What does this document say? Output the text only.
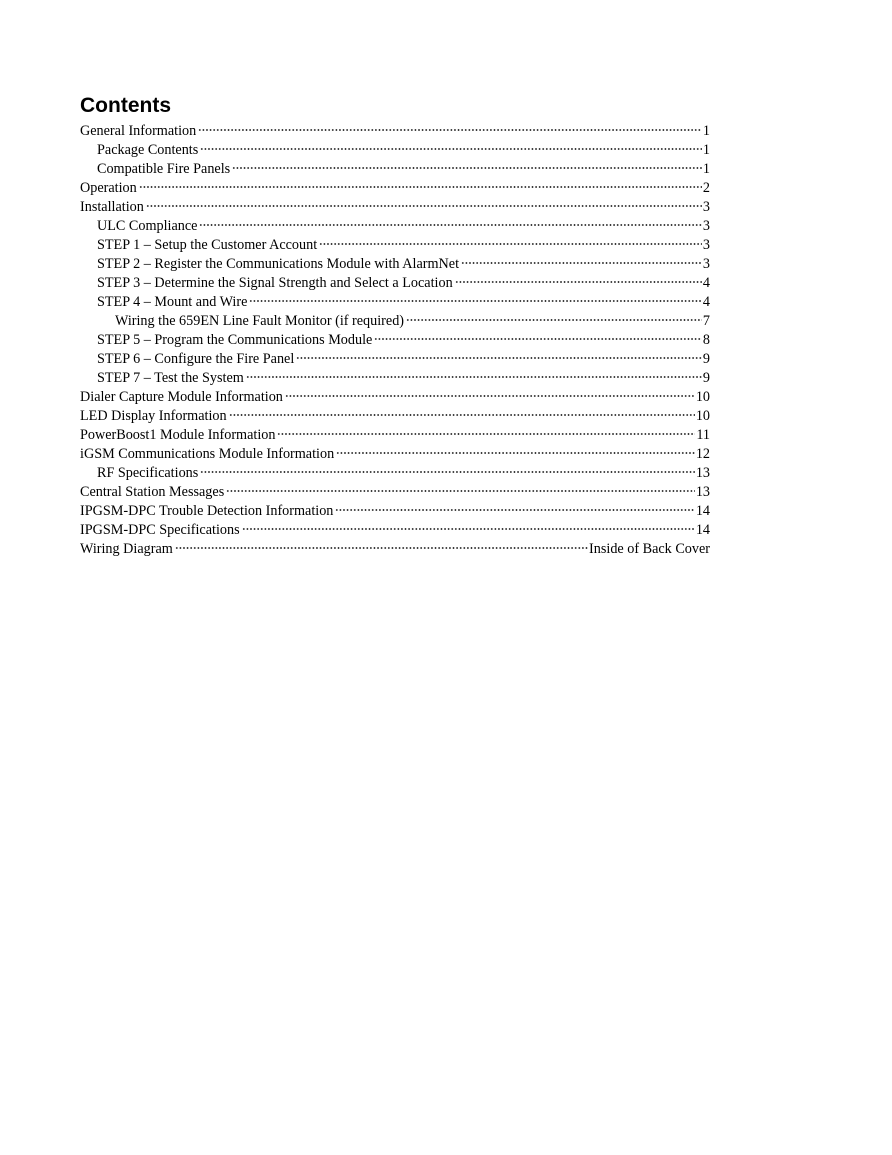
Contents
General Information	1
Package Contents	1
Compatible Fire Panels	1
Operation	2
Installation	3
ULC Compliance	3
STEP 1 – Setup the Customer Account	3
STEP 2 – Register the Communications Module with AlarmNet	3
STEP 3 – Determine the Signal Strength and Select a Location	4
STEP 4 – Mount and Wire	4
Wiring the 659EN Line Fault Monitor (if required)	7
STEP 5 – Program the Communications Module	8
STEP 6 – Configure the Fire Panel	9
STEP 7 – Test the System	9
Dialer Capture Module Information	10
LED Display Information	10
PowerBoost1 Module Information	11
iGSM Communications Module Information	12
RF Specifications	13
Central Station Messages	13
IPGSM-DPC Trouble Detection Information	14
IPGSM-DPC Specifications	14
Wiring Diagram	Inside of Back Cover
